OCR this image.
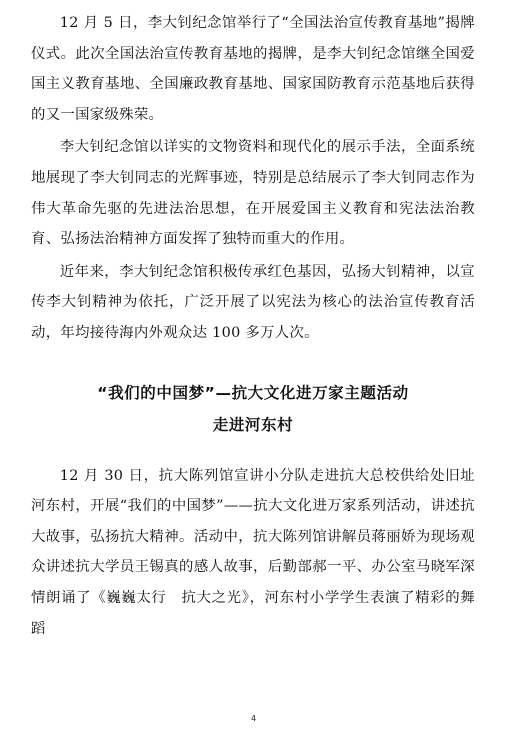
12 月 5 日，李大钊纪念馆举行了“全国法治宣传教育基地”揭牌仪式。此次全国法治宣传教育基地的揭牌，是李大钊纪念馆继全国爱国主义教育基地、全国廉政教育基地、国家国防教育示范基地后获得的又一国家级殊荣。

李大钊纪念馆以详实的文物资料和现代化的展示手法，全面系统地展现了李大钊同志的光辉事迹，特别是总结展示了李大钊同志作为伟大革命先驱的先进法治思想，在开展爱国主义教育和宪法法治教育、弘扬法治精神方面发挥了独特而重大的作用。

近年来，李大钊纪念馆积极传承红色基因，弘扬大钊精神，以宣传李大钊精神为依托，广泛开展了以宪法为核心的法治宣传教育活动，年均接待海内外观众达 100 多万人次。

“我们的中国梦”—抗大文化进万家主题活动
走进河东村

12 月 30 日，抗大陈列馆宣讲小分队走进抗大总校供给处旧址河东村，开展“我们的中国梦”——抗大文化进万家系列活动，讲述抗大故事，弘扬抗大精神。活动中，抗大陈列馆讲解员蒋丽娇为现场观众讲述抗大学员王锡真的感人故事，后勤部郝一平、办公室马晓军深情朗诵了《巍巍太行　抗大之光》，河东村小学学生表演了精彩的舞蹈

4
